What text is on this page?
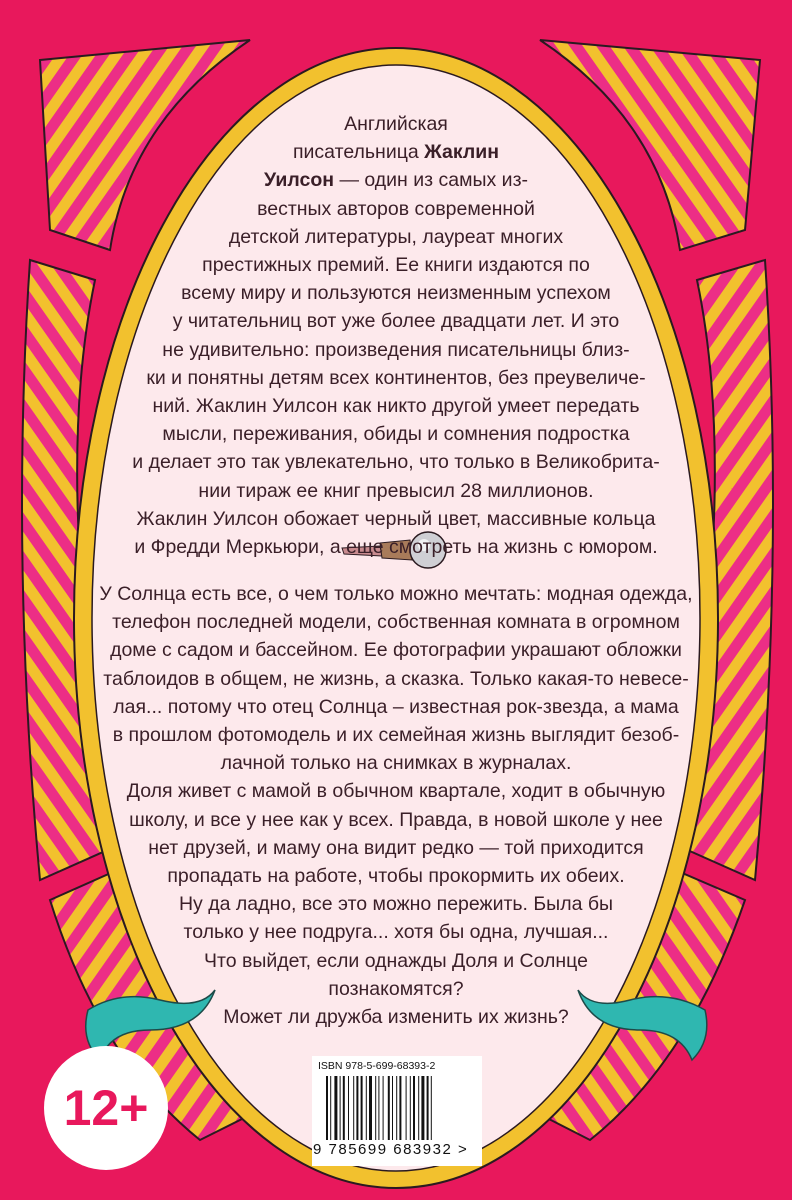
Английская
писательница Жаклин
Уилсон — один из самых из-
вестных авторов современной
детской литературы, лауреат многих
престижных премий. Ее книги издаются по
всему миру и пользуются неизменным успехом
у читательниц вот уже более двадцати лет. И это
не удивительно: произведения писательницы близ-
ки и понятны детям всех континентов, без преувеличе-
ний. Жаклин Уилсон как никто другой умеет передать
мысли, переживания, обиды и сомнения подростка
и делает это так увлекательно, что только в Великобрита-
нии тираж ее книг превысил 28 миллионов.
Жаклин Уилсон обожает черный цвет, массивные кольца
и Фредди Меркьюри, а еще смотреть на жизнь с юмором.
У Солнца есть все, о чем только можно мечтать: модная одежда,
телефон последней модели, собственная комната в огромном
доме с садом и бассейном. Ее фотографии украшают обложки
таблоидов в общем, не жизнь, а сказка. Только какая-то невесе-
лая... потому что отец Солнца – известная рок-звезда, а мама
в прошлом фотомодель и их семейная жизнь выглядит безоб-
лачной только на снимках в журналах.
Доля живет с мамой в обычном квартале, ходит в обычную
школу, и все у нее как у всех. Правда, в новой школе у нее
нет друзей, и маму она видит редко — той приходится
пропадать на работе, чтобы прокормить их обеих.
Ну да ладно, все это можно пережить. Была бы
только у нее подруга... хотя бы одна, лучшая...
Что выйдет, если однажды Доля и Солнце
познакомятся?
Может ли дружба изменить их жизнь?
12+
ISBN 978-5-699-68393-2
9 785699 683932 >
